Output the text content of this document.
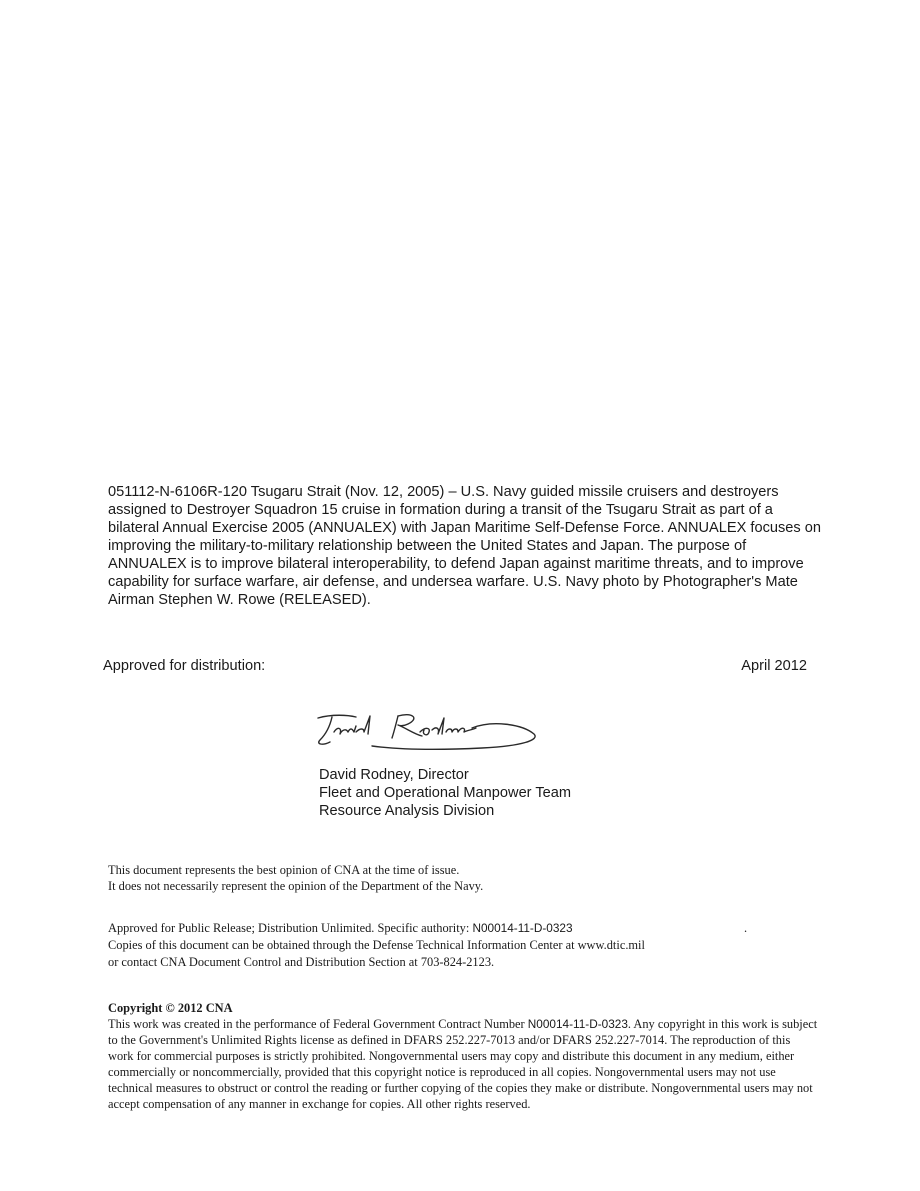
051112-N-6106R-120 Tsugaru Strait (Nov. 12, 2005) – U.S. Navy guided missile cruisers and destroyers assigned to Destroyer Squadron 15 cruise in formation during a transit of the Tsugaru Strait as part of a bilateral Annual Exercise 2005 (ANNUALEX) with Japan Maritime Self-Defense Force. ANNUALEX focuses on improving the military-to-military relationship between the United States and Japan. The purpose of ANNUALEX is to improve bilateral interoperability, to defend Japan against maritime threats, and to improve capability for surface warfare, air defense, and undersea warfare. U.S. Navy photo by Photographer's Mate Airman Stephen W. Rowe (RELEASED).
Approved for distribution:	April 2012
David Rodney, Director
Fleet and Operational Manpower Team
Resource Analysis Division
This document represents the best opinion of CNA at the time of issue.
It does not necessarily represent the opinion of the Department of the Navy.
Approved for Public Release; Distribution Unlimited. Specific authority: N00014-11-D-0323	.
Copies of this document can be obtained through the Defense Technical Information Center at www.dtic.mil
or contact CNA Document Control and Distribution Section at 703-824-2123.
Copyright © 2012 CNA
This work was created in the performance of Federal Government Contract Number N00014-11-D-0323. Any copyright in this work is subject to the Government's Unlimited Rights license as defined in DFARS 252.227-7013 and/or DFARS 252.227-7014. The reproduction of this work for commercial purposes is strictly prohibited. Nongovernmental users may copy and distribute this document in any medium, either commercially or noncommercially, provided that this copyright notice is reproduced in all copies. Nongovernmental users may not use technical measures to obstruct or control the reading or further copying of the copies they make or distribute. Nongovernmental users may not accept compensation of any manner in exchange for copies. All other rights reserved.
